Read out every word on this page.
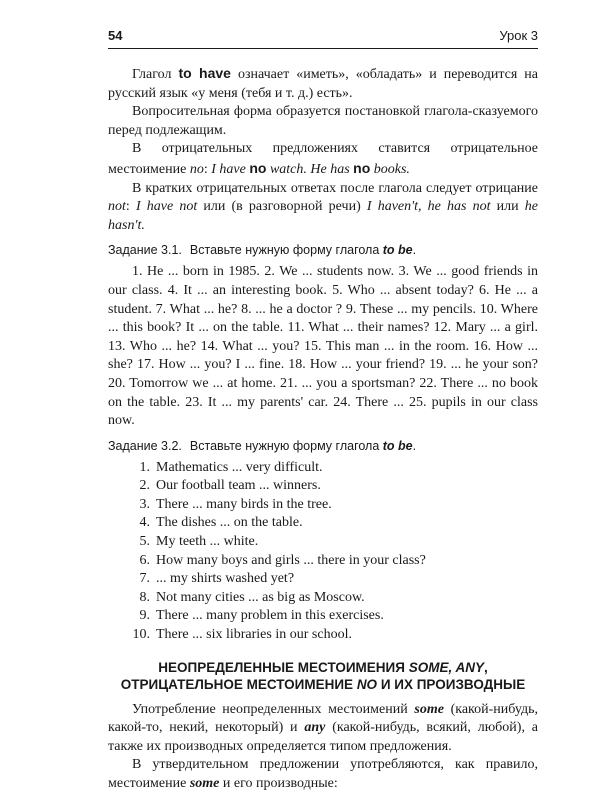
54	Урок 3

Глагол to have означает «иметь», «обладать» и переводится на русский язык «у меня (тебя и т. д.) есть».

Вопросительная форма образуется постановкой глагола-сказуемого перед подлежащим.

В отрицательных предложениях ставится отрицательное местоимение no: I have no watch. He has no books.

В кратких отрицательных ответах после глагола следует отрицание not: I have not или (в разговорной речи) I haven't, he has not или he hasn't.

Задание 3.1. Вставьте нужную форму глагола to be.

1. He ... born in 1985. 2. We ... students now. 3. We ... good friends in our class. 4. It ... an interesting book. 5. Who ... absent today? 6. He ... a student. 7. What ... he? 8. ... he a doctor ? 9. These ... my pencils. 10. Where ... this book? It ... on the table. 11. What ... their names? 12. Mary ... a girl. 13. Who ... he? 14. What ... you? 15. This man ... in the room. 16. How ... she? 17. How ... you? I ... fine. 18. How ... your friend? 19. ... he your son? 20. Tomorrow we ... at home. 21. ... you a sportsman? 22. There ... no book on the table. 23. It ... my parents' car. 24. There ... 25. pupils in our class now.

Задание 3.2. Вставьте нужную форму глагола to be.
1. Mathematics ... very difficult.
2. Our football team ... winners.
3. There ... many birds in the tree.
4. The dishes ... on the table.
5. My teeth ... white.
6. How many boys and girls ... there in your class?
7. ... my shirts washed yet?
8. Not many cities ... as big as Moscow.
9. There ... many problem in this exercises.
10. There ... six libraries in our school.
НЕОПРЕДЕЛЕННЫЕ МЕСТОИМЕНИЯ SOME, ANY,
ОТРИЦАТЕЛЬНОЕ МЕСТОИМЕНИЕ NO И ИХ ПРОИЗВОДНЫЕ

Употребление неопределенных местоимений some (какой-нибудь, какой-то, некий, некоторый) и any (какой-нибудь, всякий, любой), а также их производных определяется типом предложения.

В утвердительном предложении употребляются, как правило, местоимение some и его производные:
